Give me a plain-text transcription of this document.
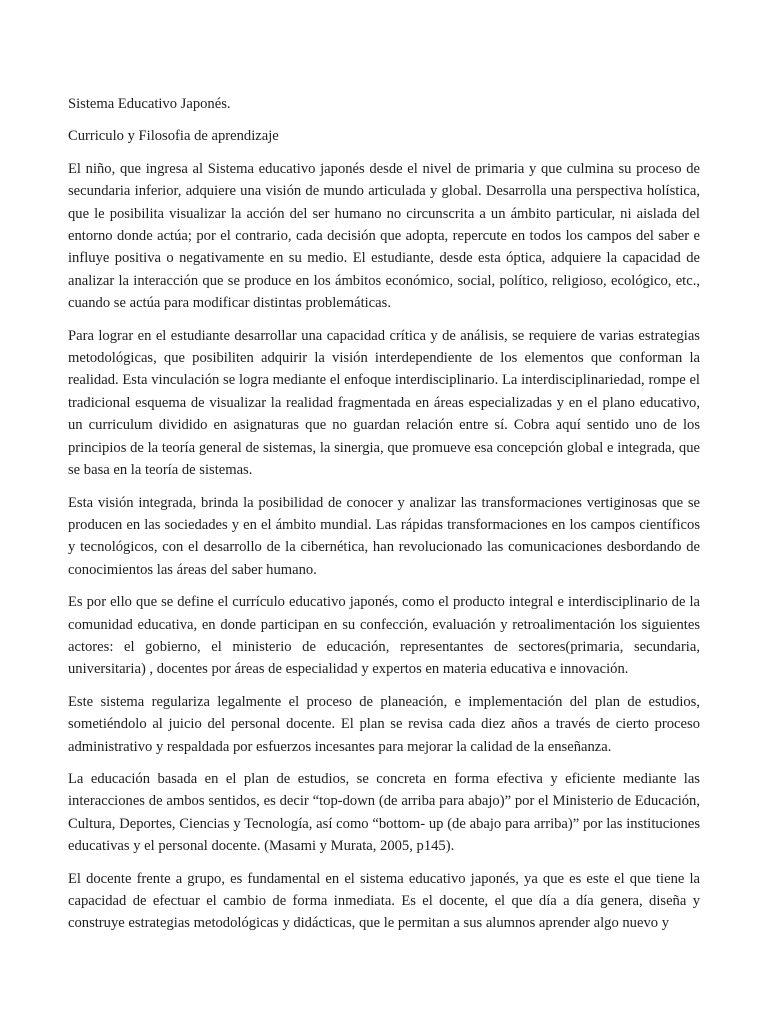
Sistema Educativo Japonés.

Curriculo y Filosofia de aprendizaje

El niño, que ingresa al Sistema educativo japonés desde el nivel de primaria y que culmina su proceso de secundaria inferior, adquiere una visión de mundo articulada y global. Desarrolla una perspectiva holística, que le posibilita visualizar la acción del ser humano no circunscrita a un ámbito particular, ni aislada del entorno donde actúa; por el contrario, cada decisión que adopta, repercute en todos los campos del saber e influye positiva o negativamente en su medio. El estudiante, desde esta óptica, adquiere la capacidad de analizar la interacción que se produce en los ámbitos económico, social, político, religioso, ecológico, etc., cuando se actúa para modificar distintas problemáticas.

Para lograr en el estudiante desarrollar una capacidad crítica y de análisis, se requiere de varias estrategias metodológicas, que posibiliten adquirir la visión interdependiente de los elementos que conforman la realidad. Esta vinculación se logra mediante el enfoque interdisciplinario. La interdisciplinariedad, rompe el tradicional esquema de visualizar la realidad fragmentada en áreas especializadas y en el plano educativo, un curriculum dividido en asignaturas que no guardan relación entre sí. Cobra aquí sentido uno de los principios de la teoría general de sistemas, la sinergia, que promueve esa concepción global e integrada, que se basa en la teoría de sistemas.

Esta visión integrada, brinda la posibilidad de conocer y analizar las transformaciones vertiginosas que se producen en las sociedades y en el ámbito mundial. Las rápidas transformaciones en los campos científicos y tecnológicos, con el desarrollo de la cibernética, han revolucionado las comunicaciones desbordando de conocimientos las áreas del saber humano.

Es por ello que se define el currículo educativo japonés, como el producto integral e interdisciplinario de la comunidad educativa, en donde participan en su confección, evaluación y retroalimentación los siguientes actores: el gobierno, el ministerio de educación, representantes de sectores(primaria, secundaria, universitaria) , docentes por áreas de especialidad y expertos en materia educativa e innovación.

Este sistema regulariza legalmente el proceso de planeación, e implementación del plan de estudios, sometiéndolo al juicio del personal docente. El plan se revisa cada diez años a través de cierto proceso administrativo y respaldada por esfuerzos incesantes para mejorar la calidad de la enseñanza.

La educación basada en el plan de estudios, se concreta en forma efectiva y eficiente mediante las interacciones de ambos sentidos, es decir “top-down (de arriba para abajo)” por el Ministerio de Educación, Cultura, Deportes, Ciencias y Tecnología, así como “bottom- up (de abajo para arriba)” por las instituciones educativas y el personal docente. (Masami y Murata, 2005, p145).

El docente frente a grupo, es fundamental en el sistema educativo japonés, ya que es este el que tiene la capacidad de efectuar el cambio de forma inmediata. Es el docente, el que día a día genera, diseña y construye estrategias metodológicas y didácticas, que le permitan a sus alumnos aprender algo nuevo y
